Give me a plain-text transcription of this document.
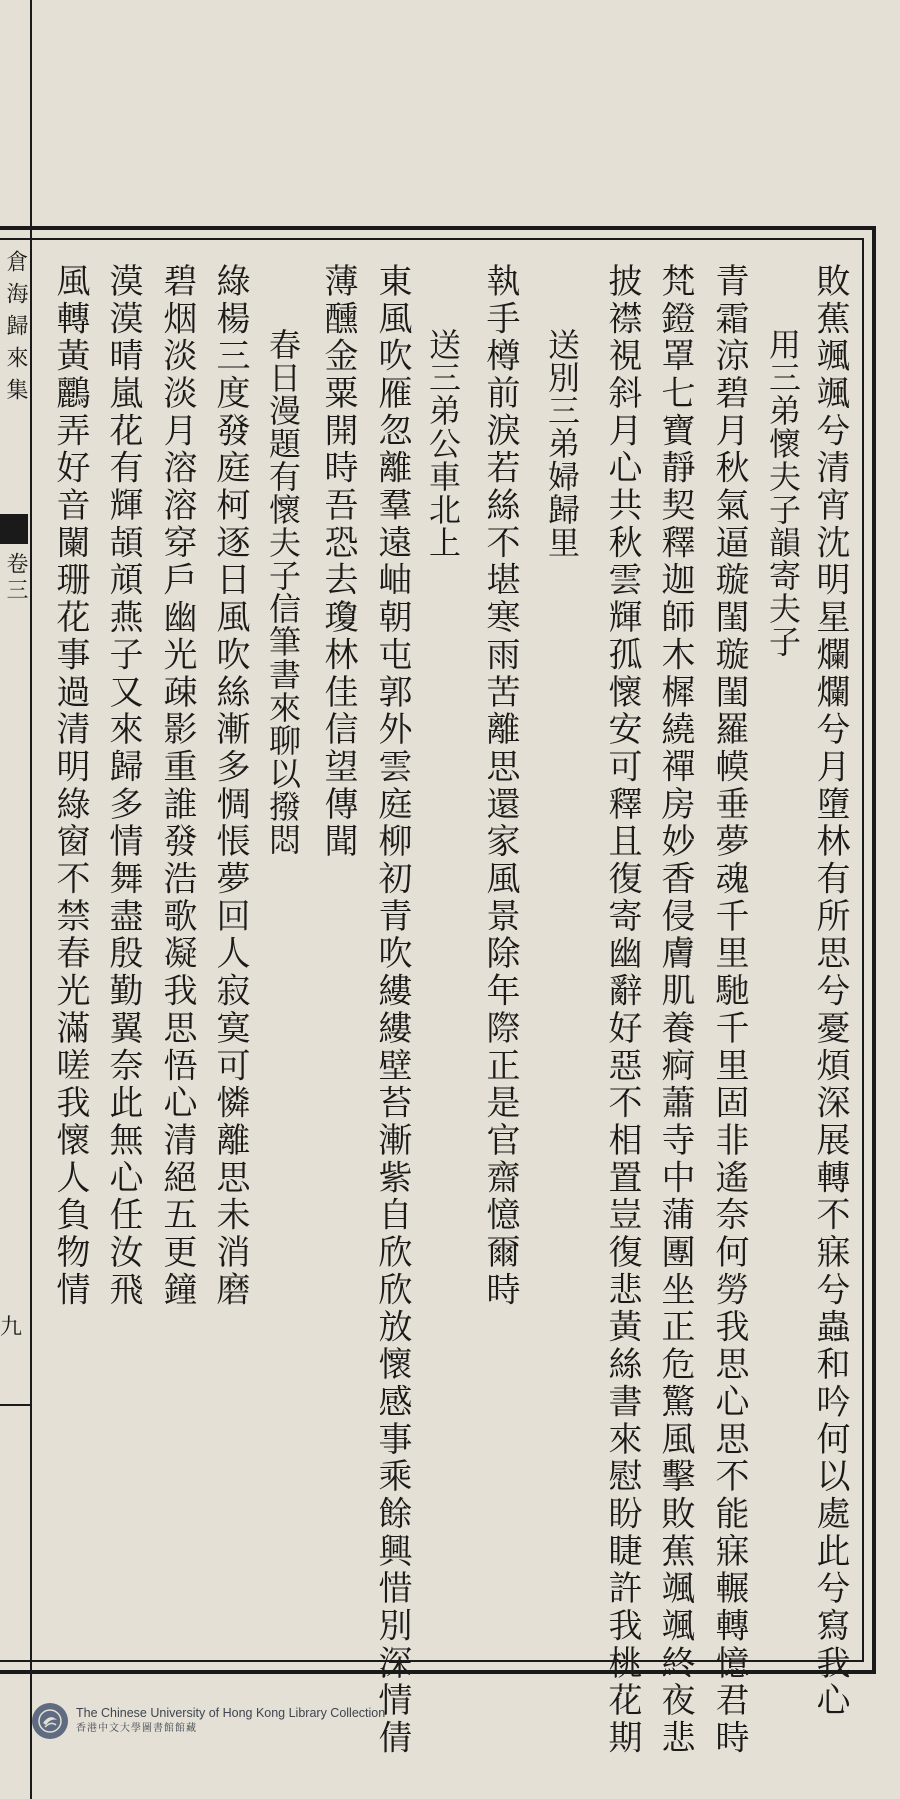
倉海歸來集
卷三
九	敗蕉颯颯兮清宵沈明星爛爛兮月墮林有所思兮憂煩深展轉不寐兮蟲和吟何以處此兮寫我心
用三弟懷夫子韻寄夫子
青霜涼碧月秋氣逼璇閨璇閨羅幙垂夢魂千里馳千里固非遙奈何勞我思心思不能寐輾轉憶君時
梵鐙罩七寶靜契釋迦師木樨繞禪房妙香侵膚肌養痾蕭寺中蒲團坐正危驚風擊敗蕉颯颯終夜悲
披襟視斜月心共秋雲輝孤懷安可釋且復寄幽辭好惡不相置豈復悲黃絲書來慰盼睫許我桃花期
送別三弟婦歸里
執手樽前淚若絲不堪寒雨苦離思還家風景除年際正是官齋憶爾時
送三弟公車北上
東風吹雁忽離羣遠岫朝屯郭外雲庭柳初青吹縷縷壁苔漸紫自欣欣放懷感事乘餘興惜別深情倩
薄醺金粟開時吾恐去瓊林佳信望傳聞
春日漫題有懷夫子信筆書來聊以撥悶
綠楊三度發庭柯逐日風吹絲漸多惆悵夢回人寂寞可憐離思未消磨
碧烟淡淡月溶溶穿戶幽光疎影重誰發浩歌凝我思悟心清絕五更鐘
漠漠晴嵐花有輝頡頏燕子又來歸多情舞盡殷勤翼奈此無心任汝飛
風轉黃鸝弄好音闌珊花事過清明綠窗不禁春光滿嗟我懷人負物情
The Chinese University of Hong Kong Library Collection
香港中文大學圖書館館藏
